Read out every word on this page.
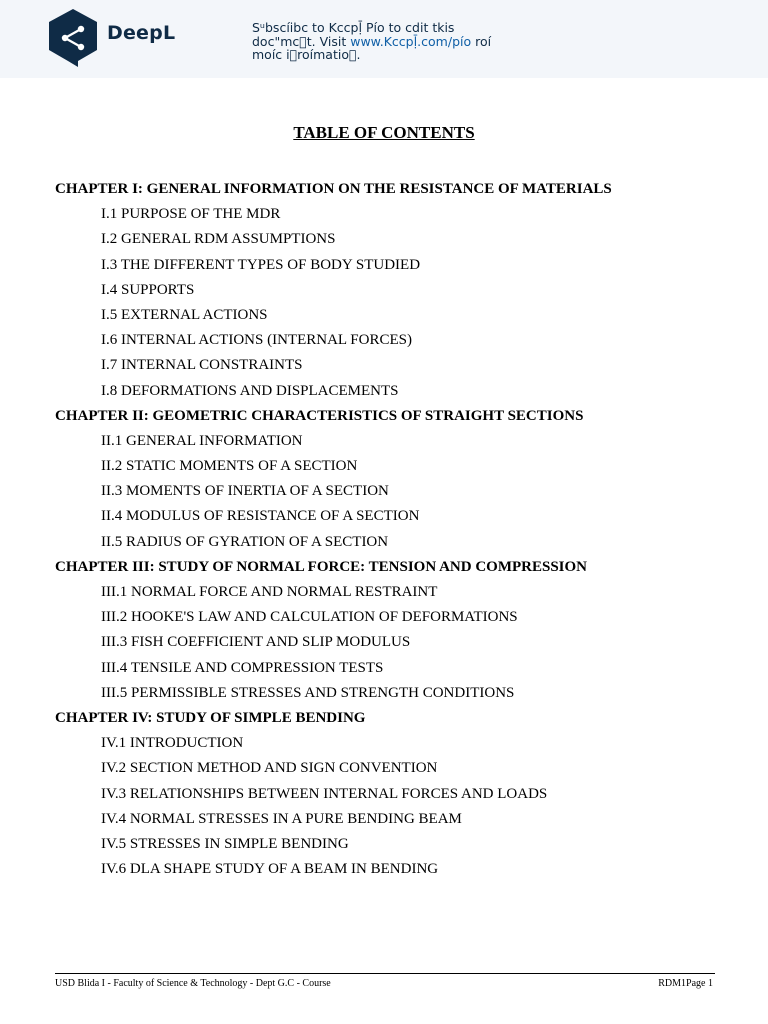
DeepL	Sᵘbscíibc to Kccpḹ Pío to cdit tkis
doc"mc t. Visit www.Kccpḹ.com/pío roí
moíc i roímatio .
TABLE OF CONTENTS
CHAPTER I: GENERAL INFORMATION ON THE RESISTANCE OF MATERIALS
I.1 PURPOSE OF THE MDR
I.2 GENERAL RDM ASSUMPTIONS
I.3 THE DIFFERENT TYPES OF BODY STUDIED
I.4 SUPPORTS
I.5 EXTERNAL ACTIONS
I.6 INTERNAL ACTIONS (INTERNAL FORCES)
I.7 INTERNAL CONSTRAINTS
I.8 DEFORMATIONS AND DISPLACEMENTS
CHAPTER II: GEOMETRIC CHARACTERISTICS OF STRAIGHT SECTIONS
II.1 GENERAL INFORMATION
II.2 STATIC MOMENTS OF A SECTION
II.3 MOMENTS OF INERTIA OF A SECTION
II.4 MODULUS OF RESISTANCE OF A SECTION
II.5 RADIUS OF GYRATION OF A SECTION
CHAPTER III: STUDY OF NORMAL FORCE: TENSION AND COMPRESSION
III.1 NORMAL FORCE AND NORMAL RESTRAINT
III.2 HOOKE'S LAW AND CALCULATION OF DEFORMATIONS
III.3 FISH COEFFICIENT AND SLIP MODULUS
III.4 TENSILE AND COMPRESSION TESTS
III.5 PERMISSIBLE STRESSES AND STRENGTH CONDITIONS
CHAPTER IV: STUDY OF SIMPLE BENDING
IV.1 INTRODUCTION
IV.2 SECTION METHOD AND SIGN CONVENTION
IV.3 RELATIONSHIPS BETWEEN INTERNAL FORCES AND LOADS
IV.4 NORMAL STRESSES IN A PURE BENDING BEAM
IV.5 STRESSES IN SIMPLE BENDING
IV.6 DLA SHAPE STUDY OF A BEAM IN BENDING
USD Blida I - Faculty of Science & Technology - Dept G.C - Course	RDM1Page 1
